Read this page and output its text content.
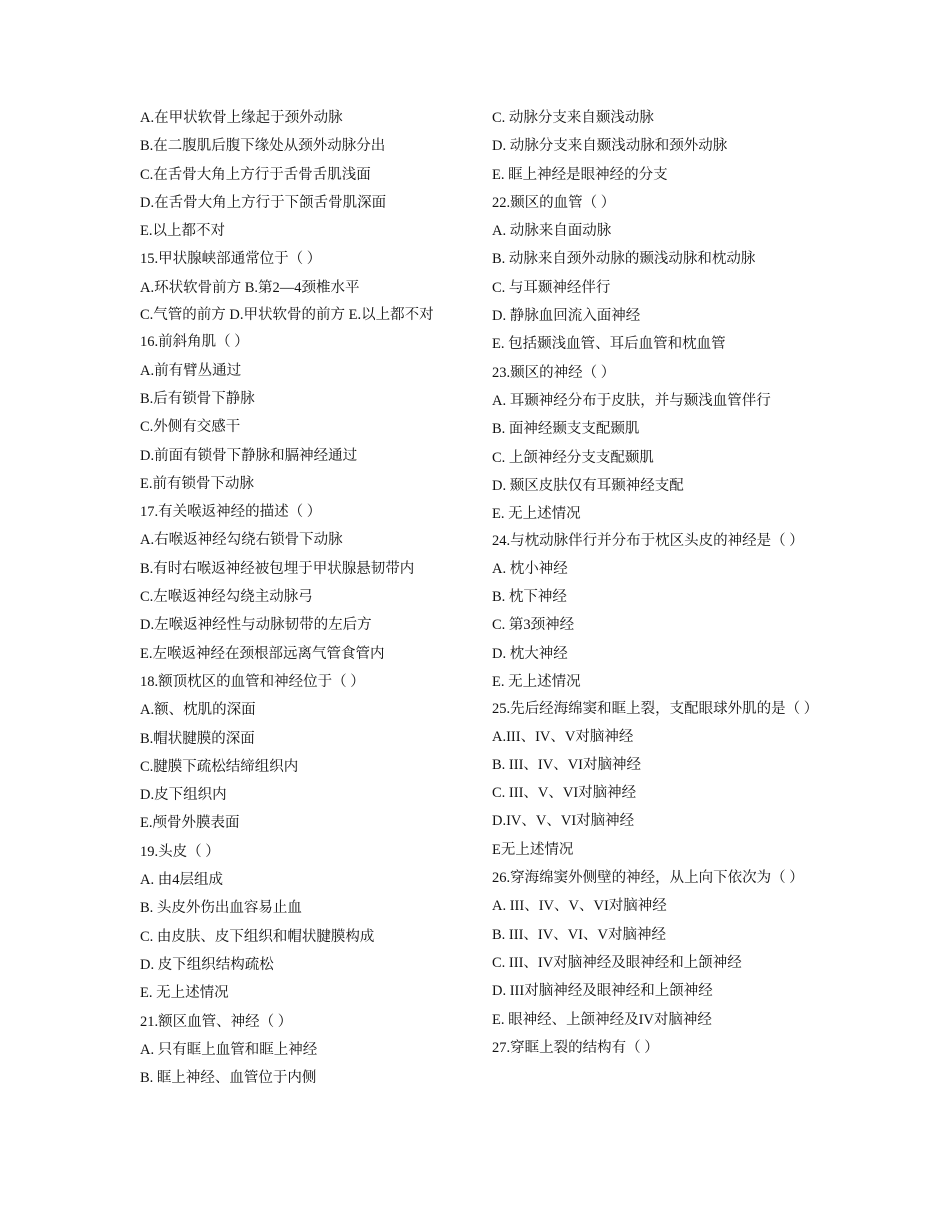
A.在甲状软骨上缘起于颈外动脉
B.在二腹肌后腹下缘处从颈外动脉分出
C.在舌骨大角上方行于舌骨舌肌浅面
D.在舌骨大角上方行于下颌舌骨肌深面
E.以上都不对
15.甲状腺峡部通常位于（ ）
A.环状软骨前方 B.第2—4颈椎水平
C.气管的前方 D.甲状软骨的前方 E.以上都不对
16.前斜角肌（ ）
A.前有臂丛通过
B.后有锁骨下静脉
C.外侧有交感干
D.前面有锁骨下静脉和膈神经通过
E.前有锁骨下动脉
17.有关喉返神经的描述（ ）
A.右喉返神经勾绕右锁骨下动脉
B.有时右喉返神经被包埋于甲状腺悬韧带内
C.左喉返神经勾绕主动脉弓
D.左喉返神经性与动脉韧带的左后方
E.左喉返神经在颈根部远离气管食管内
18.额顶枕区的血管和神经位于（ ）
A.额、枕肌的深面
B.帽状腱膜的深面
C.腱膜下疏松结缔组织内
D.皮下组织内
E.颅骨外膜表面
19.头皮（ ）
A. 由4层组成
B. 头皮外伤出血容易止血
C. 由皮肤、皮下组织和帽状腱膜构成
D. 皮下组织结构疏松
E. 无上述情况
21.额区血管、神经（ ）
A. 只有眶上血管和眶上神经
B. 眶上神经、血管位于内侧
C. 动脉分支来自颞浅动脉
D. 动脉分支来自颞浅动脉和颈外动脉
E. 眶上神经是眼神经的分支
22.颞区的血管（ ）
A. 动脉来自面动脉
B. 动脉来自颈外动脉的颞浅动脉和枕动脉
C. 与耳颞神经伴行
D. 静脉血回流入面神经
E. 包括颞浅血管、耳后血管和枕血管
23.颞区的神经（ ）
A. 耳颞神经分布于皮肤，并与颞浅血管伴行
B. 面神经颞支支配颞肌
C. 上颌神经分支支配颞肌
D. 颞区皮肤仅有耳颞神经支配
E. 无上述情况
24.与枕动脉伴行并分布于枕区头皮的神经是（ ）
A. 枕小神经
B. 枕下神经
C. 第3颈神经
D. 枕大神经
E. 无上述情况
25.先后经海绵窦和眶上裂，支配眼球外肌的是（ ）
A.III、IV、V对脑神经
B. III、IV、VI对脑神经
C. III、V、VI对脑神经
D.IV、V、VI对脑神经
E无上述情况
26.穿海绵窦外侧壁的神经，从上向下依次为（ ）
A. III、IV、V、VI对脑神经
B. III、IV、VI、V对脑神经
C. III、IV对脑神经及眼神经和上颌神经
D. III对脑神经及眼神经和上颌神经
E. 眼神经、上颌神经及IV对脑神经
27.穿眶上裂的结构有（ ）
